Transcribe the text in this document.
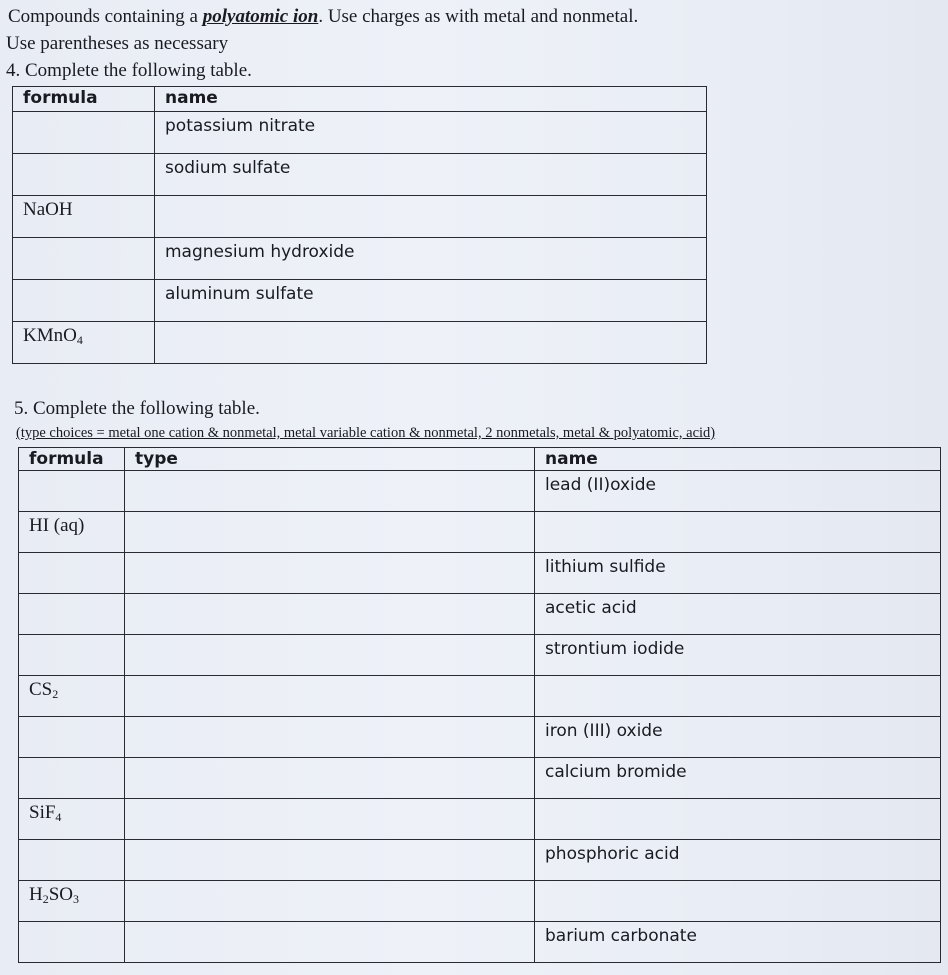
Compounds containing a polyatomic ion. Use charges as with metal and nonmetal.
Use parentheses as necessary
4. Complete the following table.
formula	name
	potassium nitrate
	sodium sulfate
NaOH	
	magnesium hydroxide
	aluminum sulfate
KMnO$_4$	
5. Complete the following table.
(type choices = metal one cation & nonmetal, metal variable cation & nonmetal, 2 nonmetals, metal & polyatomic, acid)
formula	type	name
		lead (II)oxide
HI (aq)		
		lithium sulfide
		acetic acid
		strontium iodide
$CS_2$		
		iron (III) oxide
		calcium bromide
SiF$_4$		
		phosphoric acid
$H_2SO_3$		
		barium carbonate
